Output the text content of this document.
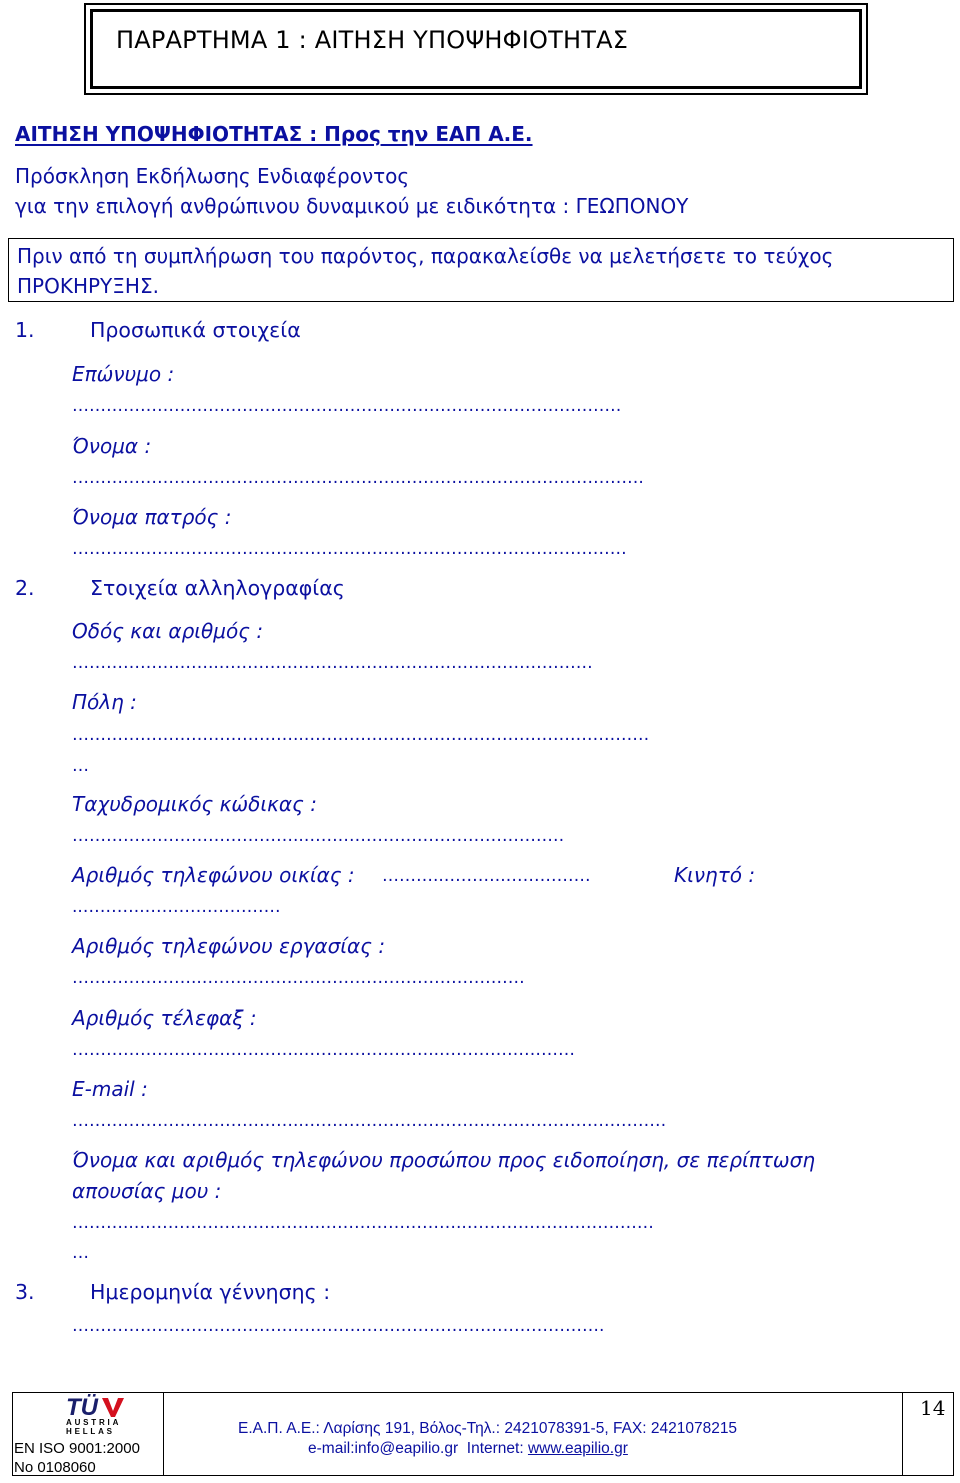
ΠΑΡΑΡΤΗΜΑ 1 : ΑΙΤΗΣΗ ΥΠΟΨΗΦΙΟΤΗΤΑΣ
ΑΙΤΗΣΗ ΥΠΟΨΗΦΙΟΤΗΤΑΣ : Προς την ΕΑΠ Α.Ε.
Πρόσκληση Εκδήλωσης Ενδιαφέροντος
για την επιλογή ανθρώπινου δυναμικού με ειδικότητα : ΓΕΩΠΟΝΟΥ
Πριν από τη συμπλήρωση του παρόντος, παρακαλείσθε να μελετήσετε το τεύχος
ΠΡΟΚΗΡΥΞΗΣ.
1.	Προσωπικά στοιχεία
Επώνυμο :
……………………………………………………….……………………………
Όνομα :
………………………………………………….…………………………………….
Όνομα πατρός :
…………………………………………..…………………………………………
2.	Στοιχεία αλληλογραφίας
Οδός και αριθμός :
……………………..…………………………………………………………
Πόλη :
…………………………………..…….………………………………………………
…
Ταχυδρομικός κώδικας :
…………………………………..…….…………………………………
Αριθμός τηλεφώνου οικίας : ………..………..……………	Κινητό :
..………..……………………
Αριθμός τηλεφώνου εργασίας :
…………………..…………………………………………………
Αριθμός τέλεφαξ :
…………………………………..…….……………..……………………
E-mail :
…………………………………..…….…………………………………………………
Όνομα και αριθμός τηλεφώνου προσώπου προς ειδοποίηση, σε περίπτωση
απουσίας μου :
………..……………………..…….……………………..……………………………
…
3.	Ημερομηνία γέννησης :
………………………………………………………………………………….
TÜ
AUSTRIA
HELLAS
EN ISO 9001:2000
No 0108060
Ε.Α.Π. Α.Ε.: Λαρίσης 191, Βόλος-Τηλ.: 2421078391-5, FAX: 2421078215
e-mail:info@eapilio.gr Internet: www.eapilio.gr
14
